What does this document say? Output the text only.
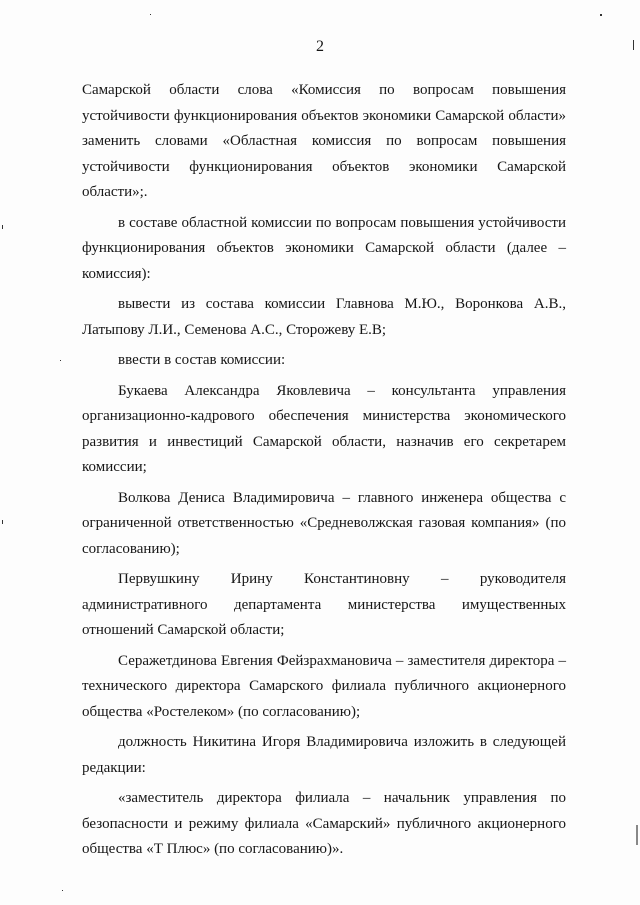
2

Самарской области слова «Комиссия по вопросам повышения
устойчивости функционирования объектов экономики Самарской области»
заменить словами «Областная комиссия по вопросам повышения
устойчивости функционирования объектов экономики Самарской
области»;.

в составе областной комиссии по вопросам повышения устойчивости
функционирования объектов экономики Самарской области (далее –
комиссия):

вывести из состава комиссии Главнова М.Ю., Воронкова А.В.,
Латыпову Л.И., Семенова А.С., Сторожеву Е.В;

ввести в состав комиссии:

Букаева Александра Яковлевича – консультанта управления
организационно-кадрового обеспечения министерства экономического
развития и инвестиций Самарской области, назначив его секретарем
комиссии;

Волкова Дениса Владимировича – главного инженера общества с
ограниченной ответственностью «Средневолжская газовая компания» (по
согласованию);

Первушкину Ирину Константиновну – руководителя
административного департамента министерства имущественных
отношений Самарской области;

Серажетдинова Евгения Фейзрахмановича – заместителя директора –
технического директора Самарского филиала публичного акционерного
общества «Ростелеком» (по согласованию);

должность Никитина Игоря Владимировича изложить в следующей
редакции:

«заместитель директора филиала – начальник управления по
безопасности и режиму филиала «Самарский» публичного акционерного
общества «Т Плюс» (по согласованию)».
